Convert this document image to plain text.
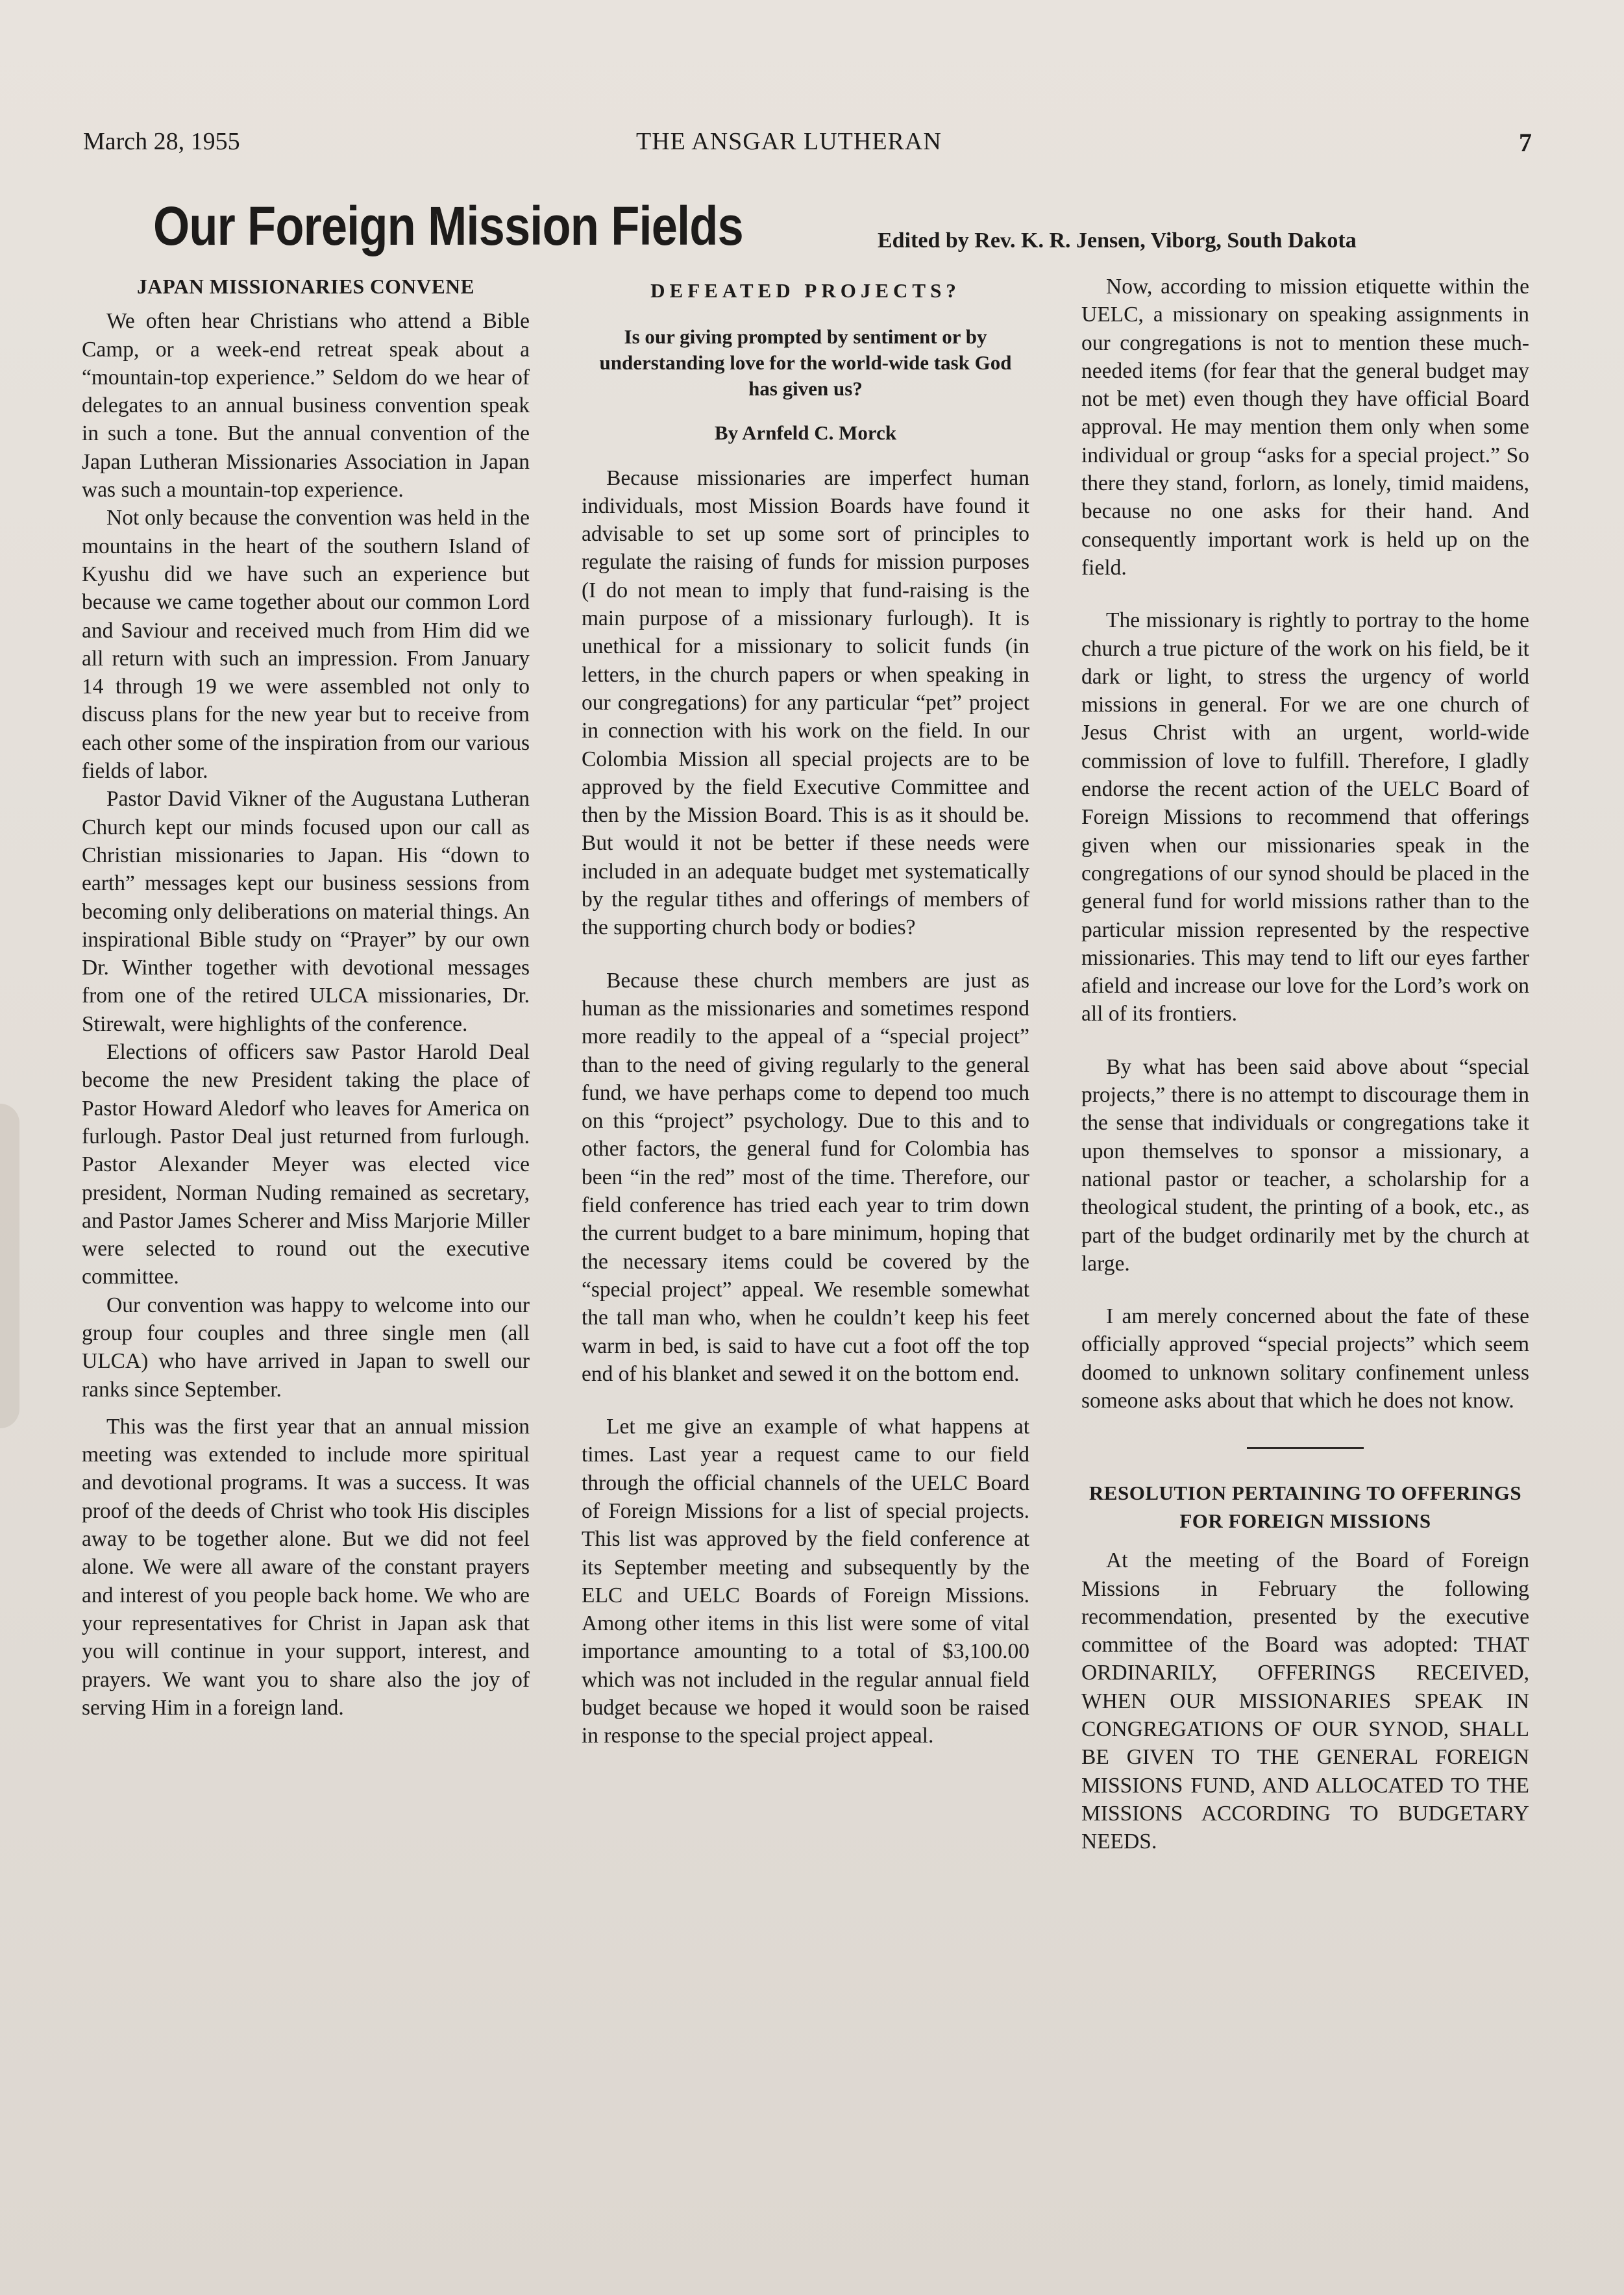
March 28, 1955	THE ANSGAR LUTHERAN	7
Our Foreign Mission Fields	Edited by Rev. K. R. Jensen, Viborg, South Dakota
JAPAN MISSIONARIES CONVENE

We often hear Christians who attend a Bible Camp, or a week-end retreat speak about a “mountain-top experience.” Seldom do we hear of delegates to an annual business convention speak in such a tone. But the annual convention of the Japan Lutheran Missionaries Association in Japan was such a mountain-top experience.

Not only because the convention was held in the mountains in the heart of the southern Island of Kyushu did we have such an experience but because we came together about our common Lord and Saviour and received much from Him did we all return with such an impression. From January 14 through 19 we were assembled not only to discuss plans for the new year but to receive from each other some of the inspiration from our various fields of labor.

Pastor David Vikner of the Augustana Lutheran Church kept our minds focused upon our call as Christian missionaries to Japan. His “down to earth” messages kept our business sessions from becoming only deliberations on material things. An inspirational Bible study on “Prayer” by our own Dr. Winther together with devotional messages from one of the retired ULCA missionaries, Dr. Stirewalt, were highlights of the conference.

Elections of officers saw Pastor Harold Deal become the new President taking the place of Pastor Howard Aledorf who leaves for America on furlough. Pastor Deal just returned from furlough. Pastor Alexander Meyer was elected vice president, Norman Nuding remained as secretary, and Pastor James Scherer and Miss Marjorie Miller were selected to round out the executive committee.

Our convention was happy to welcome into our group four couples and three single men (all ULCA) who have arrived in Japan to swell our ranks since September.

This was the first year that an annual mission meeting was extended to include more spiritual and devotional programs. It was a success. It was proof of the deeds of Christ who took His disciples away to be together alone. But we did not feel alone. We were all aware of the constant prayers and interest of you people back home. We who are your representatives for Christ in Japan ask that you will continue in your support, interest, and prayers. We want you to share also the joy of serving Him in a foreign land.

DEFEATED PROJECTS?
Is our giving prompted by sentiment or by understanding love for the world-wide task God has given us?
By Arnfeld C. Morck

Because missionaries are imperfect human individuals, most Mission Boards have found it advisable to set up some sort of principles to regulate the raising of funds for mission purposes (I do not mean to imply that fund-raising is the main purpose of a missionary furlough). It is unethical for a missionary to solicit funds (in letters, in the church papers or when speaking in our congregations) for any particular “pet” project in connection with his work on the field. In our Colombia Mission all special projects are to be approved by the field Executive Committee and then by the Mission Board. This is as it should be. But would it not be better if these needs were included in an adequate budget met systematically by the regular tithes and offerings of members of the supporting church body or bodies?

Because these church members are just as human as the missionaries and sometimes respond more readily to the appeal of a “special project” than to the need of giving regularly to the general fund, we have perhaps come to depend too much on this “project” psychology. Due to this and to other factors, the general fund for Colombia has been “in the red” most of the time. Therefore, our field conference has tried each year to trim down the current budget to a bare minimum, hoping that the necessary items could be covered by the “special project” appeal. We resemble somewhat the tall man who, when he couldn’t keep his feet warm in bed, is said to have cut a foot off the top end of his blanket and sewed it on the bottom end.

Let me give an example of what happens at times. Last year a request came to our field through the official channels of the UELC Board of Foreign Missions for a list of special projects. This list was approved by the field conference at its September meeting and subsequently by the ELC and UELC Boards of Foreign Missions. Among other items in this list were some of vital importance amounting to a total of $3,100.00 which was not included in the regular annual field budget because we hoped it would soon be raised in response to the special project appeal.

Now, according to mission etiquette within the UELC, a missionary on speaking assignments in our congregations is not to mention these much-needed items (for fear that the general budget may not be met) even though they have official Board approval. He may mention them only when some individual or group “asks for a special project.” So there they stand, forlorn, as lonely, timid maidens, because no one asks for their hand. And consequently important work is held up on the field.

The missionary is rightly to portray to the home church a true picture of the work on his field, be it dark or light, to stress the urgency of world missions in general. For we are one church of Jesus Christ with an urgent, world-wide commission of love to fulfill. Therefore, I gladly endorse the recent action of the UELC Board of Foreign Missions to recommend that offerings given when our missionaries speak in the congregations of our synod should be placed in the general fund for world missions rather than to the particular mission represented by the respective missionaries. This may tend to lift our eyes farther afield and increase our love for the Lord’s work on all of its frontiers.

By what has been said above about “special projects,” there is no attempt to discourage them in the sense that individuals or congregations take it upon themselves to sponsor a missionary, a national pastor or teacher, a scholarship for a theological student, the printing of a book, etc., as part of the budget ordinarily met by the church at large.

I am merely concerned about the fate of these officially approved “special projects” which seem doomed to unknown solitary confinement unless someone asks about that which he does not know.

RESOLUTION PERTAINING TO OFFERINGS FOR FOREIGN MISSIONS

At the meeting of the Board of Foreign Missions in February the following recommendation, presented by the executive committee of the Board was adopted: THAT ORDINARILY, OFFERINGS RECEIVED, WHEN OUR MISSIONARIES SPEAK IN CONGREGATIONS OF OUR SYNOD, SHALL BE GIVEN TO THE GENERAL FOREIGN MISSIONS FUND, AND ALLOCATED TO THE MISSIONS ACCORDING TO BUDGETARY NEEDS.
